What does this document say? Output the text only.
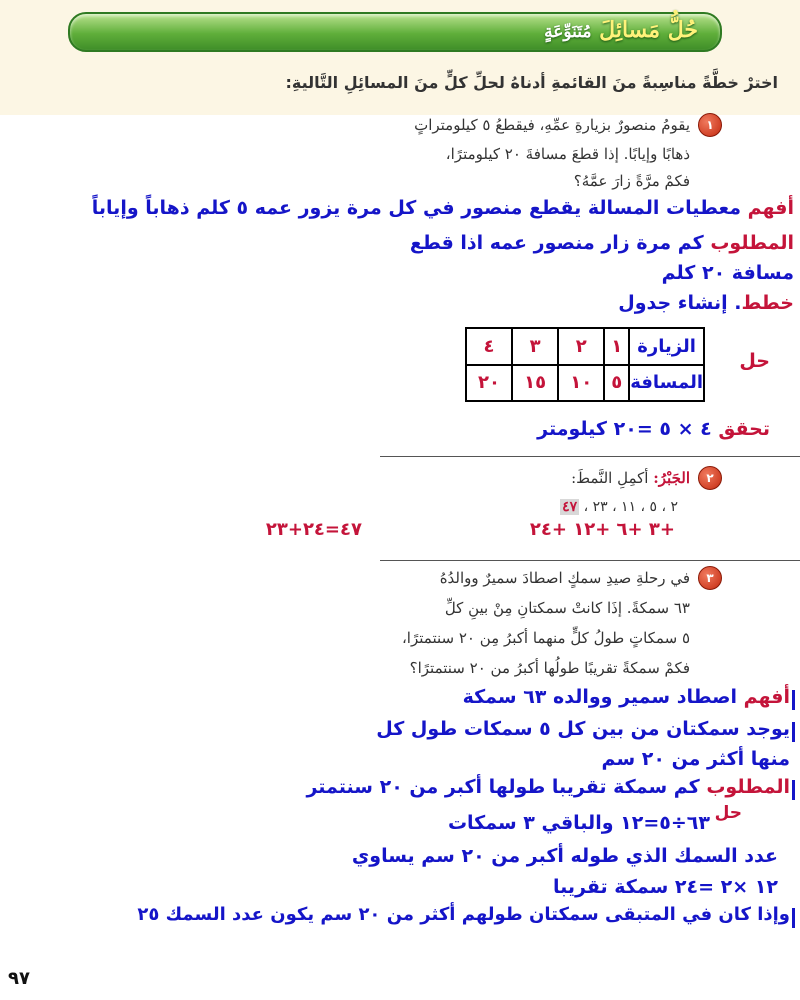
حُلُّ مَسائِلَ مُتَنَوِّعَةٍ
اخترْ خطَّةً مناسِبةً منَ القائمةِ أدناهُ لحلِّ كلٍّ منَ المسائِلِ التَّاليةِ:
١
يقومُ منصورٌ بزيارةِ عمِّهِ، فيقطعُ ٥ كيلومتراتٍ
ذهابًا وإيابًا. إذا قطعَ مسافةَ ٢٠ كيلومترًا،
فكمْ مرَّةً زارَ عمَّهُ؟
أفهم معطيات المسالة يقطع منصور في كل مرة يزور عمه ٥ كلم ذهاباً وإياباً
المطلوب كم مرة زار منصور عمه اذا قطع
مسافة ٢٠ كلم
خطط. إنشاء جدول
حل
الزيارة	١	٢	٣	٤
المسافة	٥	١٠	١٥	٢٠
تحقق ٤ × ٥ =٢٠ كيلومتر
٢
الجَبْرُ: أكمِلِ النَّمطَ:
٢ ، ٥ ، ١١ ، ٢٣ ، ٤٧
+٣ +٦ +١٢ +٢٤
٤٧=٢٤+٢٣
٣
في رحلةِ صيدِ سمكٍ اصطادَ سميرٌ ووالدُهُ
٦٣ سمكةً. إذَا كانتْ سمكتانِ مِنْ بينِ كلِّ
٥ سمكاتٍ طولُ كلٍّ منهما أكبرُ مِن ٢٠ سنتمترًا،
فكمْ سمكةً تقريبًا طولُها أكبرُ من ٢٠ سنتمترًا؟
أفهم اصطاد سمير ووالده ٦٣ سمكة
يوجد سمكتان من بين كل ٥ سمكات طول كل
منها أكثر من ٢٠ سم
المطلوب كم سمكة تقريبا طولها أكبر من ٢٠ سنتمتر
حل
٦٣÷٥=١٢ والباقي ٣ سمكات
عدد السمك الذي طوله أكبر من ٢٠ سم يساوي
١٢ ×٢ =٢٤ سمكة تقريبا
وإذا كان في المتبقى سمكتان طولهم أكثر من ٢٠ سم يكون عدد السمك ٢٥
٩٧
